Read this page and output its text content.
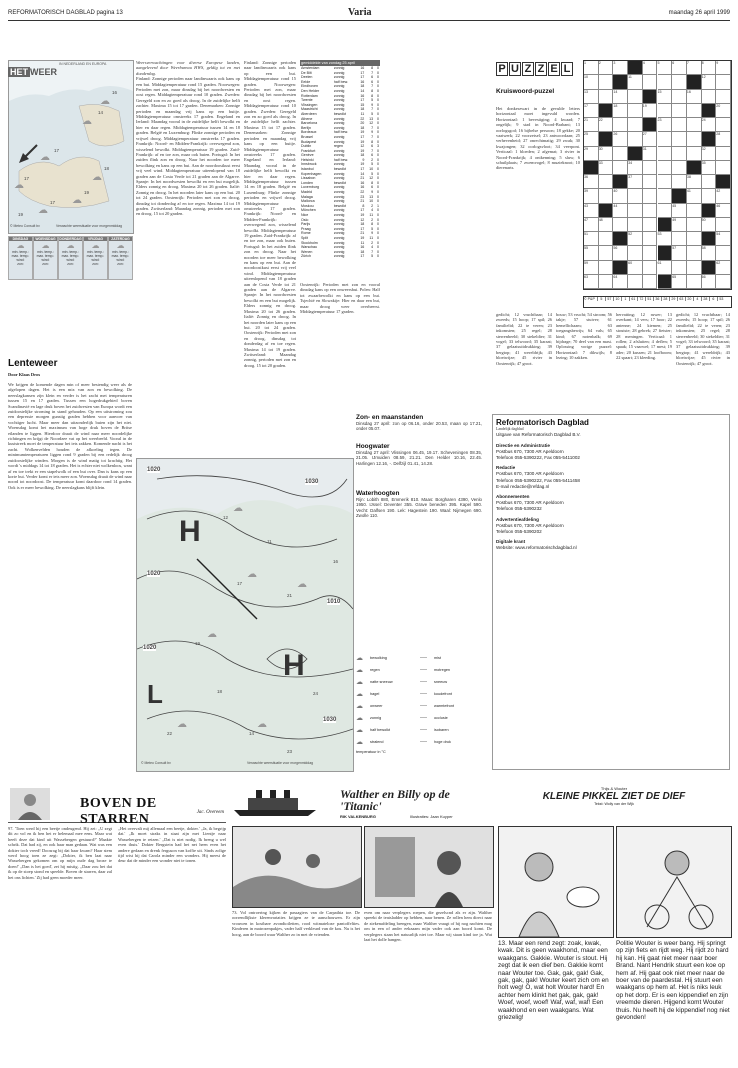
REFORMATORISCH DAGBLAD pagina 13	Varia	maandag 26 april 1999
HET WEERIN NEDERLAND EN EUROPA
16
14
17
17
17
18
19
19
☁
☁
☁
☁
☁
☁
☁
© Meteo Consult bv	Verwachte weersituatie voor morgenmiddag
DINSDAG
☁
min. temp.:
max. temp.:
wind:
zon:
WOENSDAG
☁
min. temp.:
max. temp.:
wind:
zon:
DONDERDAG
☁
min. temp.:
max. temp.:
wind:
zon:
VRIJDAG
☁
min. temp.:
max. temp.:
wind:
zon:
ZATERDAG
☁
min. temp.:
max. temp.:
wind:
zon:
Lenteweer
Door Klaas Dros
We krijgen de komende dagen min of meer bestendig weer als de afgelopen dagen. Het is een mix van zon en bewolking. De neerslagkansen zijn klein en verder is het zacht met temperaturen tussen 15 en 17 graden. Tussen een hogedrukgebied boven Scandinavië en lage druk boven het zuidwesten van Europa wordt een zuidoostelijke stroming in stand gehouden. Op een uitstroming zou een depressie morgen gunstig graden hebben voor aanvoer van vochtiger lucht. Maar meer dan uitzonderlijk buien zijn het niet. Woensdag komt het maximum van hoge druk boven de Britse eilanden te liggen. Hierdoor draait de wind naar meer noordelijke richtingen en krijgt de Noordzee vat op het weerbeeld. Vooral in de kuststreek moet de temperatuur het iets zakken. Komende nacht is het zacht. Wolkenvelden houden de afkoeling tegen. De minimumtemperaturen liggen rond 9 graden bij een redelijk droog zuidoostelijke winden. Morgen is de wind matig tot krachtig. Het wordt 's middags 14 tot 18 graden. Het is echter niet wolkenloos, want af en toe trekt er een stapelwolk of een bui over. Dan is kans op een korte bui. Verder komt er iets meer zon. Woensdag draait de wind naar noord tot noordoost. De temperatuur komt daardoor rond 14 graden. Ook is er meer bewolking. De neerslagkans blijft klein.
Weersverwachtingen voor diverse Europese landen, aangeleverd door Weerbureau HWS, geldig tot en met donderdag.
Finland: Zonnige perioden naar landinwaarts ook kans op een bui. Middagtemperatuur rond 15 graden. Noorwegen: Perioden met zon, maar dinsdag bij het noordwesten en oost regen. Middagtemperatuur rond 10 graden. Zweden: Geregeld zon en zo goed als droog. In de zuidelijke helft zachter. Maxima 15 tot 17 graden. Denemarken: Zonnige perioden en maandag vrij kans op een buitje. Middagtemperatuur omstreeks 17 graden. Engeland en Ierland: Maandag vooral in de zuidelijke helft bewolkt en hier en daar regen. Middagtemperatuur tussen 14 en 18 graden. België en Luxemburg: Flinke zonnige perioden en vrijwel droog. Middagtemperatuur omstreeks 17 graden. Frankrijk: Noord- en Midden-Frankrijk: overwegend zon, wisselend bewolkt. Middagtemperatuur 19 graden. Zuid-Frankrijk: af en toe zon, maar ook buien. Portugal: In het zuiden flink zon en droog. Naar het noorden toe meer bewolking en kans op een bui. Aan de noordoostkust eerst vrij veel wind. Middagtemperatuur uiteenlopend van 18 graden aan de Costa Verde tot 21 graden aan de Algarve. Spanje: In het noordwesten bewolkt en een bui mogelijk. Elders zonnig en droog. Maxima 20 tot 26 graden. Italië: Zonnig en droog. In het noorden later kans op een bui. 20 tot 24 graden. Oostenrijk: Perioden met zon en droog, dinsdag tot donderdag af en toe regen. Maxima 14 tot 19 graden. Zwitserland: Maandag zonnig, perioden met zon en droog. 15 tot 20 graden.
Finland: Zonnige perioden naar landinwaarts ook kans op een bui. Middagtemperatuur rond 15 graden. Noorwegen: Perioden met zon, maar dinsdag bij het noordwesten en oost regen. Middagtemperatuur rond 10 graden. Zweden: Geregeld zon en zo goed als droog. In de zuidelijke helft zachter. Maxima 15 tot 17 graden. Denemarken: Zonnige perioden en maandag vrij kans op een buitje. Middagtemperatuur omstreeks 17 graden. Engeland en Ierland: Maandag vooral in de zuidelijke helft bewolkt en hier en daar regen. Middagtemperatuur tussen 14 en 18 graden. België en Luxemburg: Flinke zonnige perioden en vrijwel droog. Middagtemperatuur omstreeks 17 graden. Frankrijk: Noord- en Midden-Frankrijk: overwegend zon, wisselend bewolkt. Middagtemperatuur 19 graden. Zuid-Frankrijk: af en toe zon, maar ook buien. Portugal: In het zuiden flink zon en droog. Naar het noorden toe meer bewolking en kans op een bui. Aan de noordoostkust eerst vrij veel wind. Middagtemperatuur uiteenlopend van 18 graden aan de Costa Verde tot 21 graden aan de Algarve. Spanje: In het noordwesten bewolkt en een bui mogelijk. Elders zonnig en droog. Maxima 20 tot 26 graden. Italië: Zonnig en droog. In het noorden later kans op een bui. 20 tot 24 graden. Oostenrijk: Perioden met zon en droog, dinsdag tot donderdag af en toe regen. Maxima 14 tot 19 graden. Zwitserland: Maandag zonnig, perioden met zon en droog. 15 tot 20 graden.
gemiddelde van zondag 25 april
Amsterdam	zonnig	16	8	0
De Bilt	zonnig	17	7	0
Deelen	zonnig	17	6	0
Eelde	half bew.	16	6	0
Eindhoven	zonnig	18	7	0
Den Helder	zonnig	14	8	0
Rotterdam	zonnig	16	8	0
Twente	zonnig	17	5	0
Vlissingen	zonnig	15	9	0
Maastricht	zonnig	18	7	0
Aberdeen	bewolkt	11	5	0
Athene	zonnig	22	13	0
Barcelona	zonnig	20	12	0
Berlijn	zonnig	18	7	0
Bordeaux	half bew.	19	9	0
Brussel	zonnig	17	7	0
Budapest	zonnig	19	8	0
Dublin	regen	12	6	3
Frankfurt	zonnig	19	7	0
Genève	zonnig	18	6	0
Helsinki	half bew.	9	2	0
Innsbruck	zonnig	19	5	0
Istanbul	bewolkt	17	10	0
Kopenhagen	zonnig	14	5	0
Lissabon	zonnig	21	12	0
Londen	bewolkt	16	8	0
Luxemburg	zonnig	16	6	0
Madrid	zonnig	22	9	0
Malaga	zonnig	23	13	0
Mallorca	zonnig	21	10	0
Moskou	bewolkt	8	2	1
München	zonnig	17	4	0
Nice	zonnig	19	11	0
Oslo	zonnig	12	2	0
Parijs	zonnig	18	8	0
Praag	zonnig	17	5	0
Rome	zonnig	21	9	0
Split	zonnig	19	11	0
Stockholm	zonnig	11	2	0
Warschau	zonnig	16	4	0
Wenen	zonnig	18	7	0
Zürich	zonnig	17	5	0
Oostenrijk: Perioden met zon en vooral dinsdag kans op een onweersbui. Polen: Half tot zwaarbewolkt en kans op een bui. Tsjechië en Slowakije: Hier en daar een bui, maar droog weer overheerst. Middagtemperatuur 17 graden.
P U Z Z E L
Kruiswoord-puzzel
Het donkerzwart in de gevulde letters horizontaal moet ingevuld worden. Horizontaal: 1 bevestiging; 4 kwaad; 7 ongelijk; 9 stad in Noord-Brabant; 13 oorlogsgod; 16 bijbelse persoon; 18 gekke; 20 vaatwerk; 22 voorzetsel; 23 antwoordaan; 25 verhevenheid; 27 onrechtmatig; 29 zwak; 30 kwajongen; 32 oorlogsvloot; 34 veerpont. Verticaal: 1 bloeden; 2 afgemat; 3 rivier in Noord-Frankrijk; 4 ontkenning; 5 sluw; 6 schuilplaats; 7 zwemvogel; 8 muzieknoot; 10 dierenarts.
1	2	3	4	5	6	7	8	9
10	11	12
13	14	15	16
17	18	19	20
21	22	23	24
25	26	27	28
29	30	31	32
33	34	35
36	37	38
39	40	41	42
43	44	45	46
47	48	49	50
51	52	53	54
55	56	57	58
59	60	61	62
63	64	65	66
© P&P 5 57 10 1 61 72 51 36 28 29 63 20 4 28 6 53
gedicht; 12 vruchtbaar; 14 zweeds; 15 hoop; 17 spil; 26 familielid; 22 te veren; 23 inkomsten; 25 regel; 28 sterrenbeeld; 30 stekeldier; 31 vogel; 33 telwoord; 35 karaat; 37 gelaatsuitdrukking; 39 bergtop; 41 wereldrijk; 43 bloeiwijze; 45 rivier in Oostenrijk; 47 groot.
bouw; 53 vrucht; 54 stroom; 56 takje; 57 stuiver; 61 hemellichaam; 63 toegangsbewijs; 64 vals; 65 kind; 67 notenbalk; 69 bijdrage; 70 deel van een mast. Oplossing vorige puzzel: Horizontaal: 7 dikwijls; 8 lezing; 10 zakken.
hervatting; 12 ruwer; 13 overkant; 14 vers; 17 hoor; 22 antenne; 24 kiemen; 25 stoutste; 28 gebrek; 27 fietster; 28 meningen. Verticaal: 1 rollen; 2 afsluiten; 4 deflen; 5 spaak; 15 vaarwel; 17 mest; 19 ader; 20 kussen; 21 loofboom; 22 spaart; 23 kleeding.
gedicht; 12 vruchtbaar; 14 zweeds; 15 hoop; 17 spil; 26 familielid; 22 te veren; 23 inkomsten; 25 regel; 28 sterrenbeeld; 30 stekeldier; 31 vogel; 33 telwoord; 35 karaat; 37 gelaatsuitdrukking; 39 bergtop; 41 wereldrijk; 43 bloeiwijze; 45 rivier in Oostenrijk; 47 groot.
H
H
L
1020
1030
1020
1010
1020
1030
☁
☁
☁
☁
☁	☁
12
11
17
19
21
22	14
24
16
18
23
© Meteo Consult bv	Verwachte weersituatie voor morgenmiddag
Zon- en maanstanden
Dinsdag 27 april: zon op 06.16, onder 20.53, maan op 17.21, onder 05.07.
Hoogwater
Dinsdag 27 april: Vlissingen 06.45, 19.17. Scheveningen 08.35, 21.05. IJmuiden 08.59, 21.21. Den Helder 10.16, 22.45. Harlingen 12.16, -. Delfzijl 01.41, 14.28.
Waterhoogten
Rijn: Lobith 880, Emmerik 810. Maas: Borgharen 4390, Venlo 1950. IJssel: Deventer 355. Grave beneden 395. Kapel 590. Vecht: Dalfsen 190. Lek: Hagestein 190. Waal: Nijmegen 690. Zwolle 110.
☁ bewolking	— mist
☁ regen	— motregen
☁ natte sneeuw	— sneeuw
☁ hagel	— koudefront
☁ onweer	— warmtefront
☁ zonnig	— occlusie
☁ half bewolkt	— isobaren
☁ stralend	— hoge druk
temperatuur in °C
Reformatorisch Dagblad
Landelijk dagblad
Uitgave van Reformatorisch Dagblad B.V.
Directie en Administratie
Postbus 670, 7300 AR Apeldoorn
Telefoon 055-5390222, Fax 055-5411002
Redactie
Postbus 670, 7300 AR Apeldoorn
Telefoon 055-5390222, Fax 055-5411458
E-mail redactie@refdag.nl
Abonnementen
Postbus 670, 7300 AR Apeldoorn
Telefoon 055-5390232
Advertentieafdeling
Postbus 670, 7300 AR Apeldoorn
Telefoon 055-5390202
Digitale krant
Website: www.reformatorischdagblad.nl
BOVEN DE STARREN	Jac. Overeem
97. 'Toen werd hij een beetje ondeugend. Hij zei: „U zegt dit zo vol en ik ben het er helemaal mee eens. Maar wat heeft deze dat kind uit Wassebergen gestuurd?' Maakte schrik. Dat had zij, en ook haar man gedaan. Wat was een dokter toch vreed! Doosrag bij dat haar kwam? Haar stem werd hoog toen ze zegt: „Dokter, ik ben laat naar Wassebergen gekomen om op mijn oude dag broze te doen!' „Dan is het goed', zei hij mistig. „Daar zou het dat ik op de stoep stond en speelde. Boven de starren, daar zal het ons lichten.' Zij had geen moeder meer.
„Het overvalt mij allemaal een beetje, dokter.' „Ja, ik begrijp dat.' „Ik moet straks in staat zijn met Lientje naar Wassebergen te reizen.' „Dat is niet nodig. Ik breng u wel even thuis.' Dokter Bergstein had het net heen even het andere gedaan en drenk ferguson van koffie uit. Sinds zolige tijd wist hij dat Carola minder een wonders. Hij meest de deur dat de minder een wonder niet te tonen.
Walther en Billy op de 'Titanic'
RIK VALKENBURG	Illustraties: Jaan Kuyper
73. Vol ontroering kijken de passagiers van de Carpathia toe. De oorrendlijkste klerenvariaties krijgen ze te aanschouwen. Er zijn vrouwen in kostbare avondtoiletten, rood witmateloze pantoffelties. Kinderen in matrozenpakjes, vader half verkleurd van de kou. Nu is het hoog, aan de boord waar Walther zo in met de vrienden.
even om naar verplegers roepen, die gezelscnd als er zijn. Walther spreekt de teatsladder op hebben, naar benen. Ze rollen hem direct naar de ziekenafdeling brengen, maar Walther vraagt of hij nog nachten mag om in een of ander eekzaam mijn vader ook aan boord komt. De verplegers staan het natuurlijk niet toe. Maar wij staan kind toe ja. Wat laat het dolle hangen.
Thijs & Wouter
KLEINE PIKKEL ZIET DE DIEF
Tekst: Wolly van der Wijk
13. Maar een rend zegt: zoak, kwak, kwak. Dit is geen waakhond, maar een waakgans. Gakkie. Wouter is stout. Hij zegt dat ik een dief ben. Gakkie komt naar Wouter toe. Gak, gak, gak! Gak, gak, gak, gak! Wouter keert zich om en holt weg! O, wat holt Wouter hard! En achter hem klinkt het gak, gak, gak! Woef, woef, woef! Waf, waf, waf! Een waakhond en een waakgans. Wat griezelig!
Politie Wouter is weer bang. Hij springt op zijn fiets en rijdt weg. Hij rijdt zo hard hij kan. Hij gaat niet meer naar boer Brand. Nant Hendrik stuurt een koe op hem af. Hij gaat ook niet meer naar de boer van de paardestal. Hij stuurt een waakgans op hem af. Het is niks leuk op het dorp. Er is een kippendief en zijn vreemde dieren. Hijgend komt Wouter thuis. Nu heeft hij de kippendief nog niet gevonden!
